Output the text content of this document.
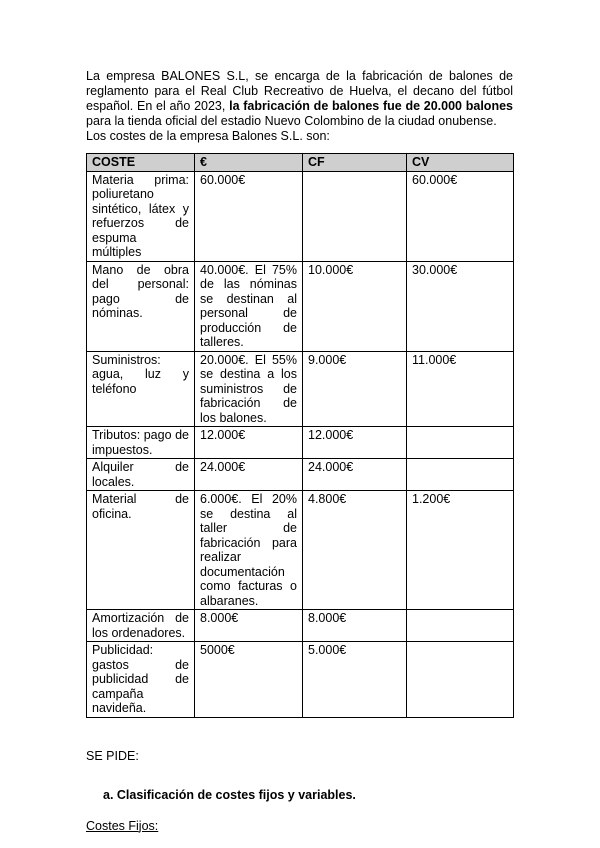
La empresa BALONES S.L, se encarga de la fabricación de balones de reglamento para el Real Club Recreativo de Huelva, el decano del fútbol español. En el año 2023, la fabricación de balones fue de 20.000 balones para la tienda oficial del estadio Nuevo Colombino de la ciudad onubense.

Los costes de la empresa Balones S.L. son:

COSTE	€	CF	CV
Materia prima: poliuretano sintético, látex y refuerzos de espuma múltiples	60.000€		60.000€
Mano de obra del personal: pago de nóminas.	40.000€. El 75% de las nóminas se destinan al personal de producción de talleres.	10.000€	30.000€
Suministros: agua, luz y teléfono	20.000€. El 55% se destina a los suministros de fabricación de los balones.	9.000€	11.000€
Tributos: pago de impuestos.	12.000€	12.000€	
Alquiler de locales.	24.000€	24.000€	
Material de oficina.	6.000€. El 20% se destina al taller de fabricación para realizar documentación como facturas o albaranes.	4.800€	1.200€
Amortización de los ordenadores.	8.000€	8.000€	
Publicidad: gastos de publicidad de campaña navideña.	5000€	5.000€	
SE PIDE:
a. Clasificación de costes fijos y variables.
Costes Fijos:
